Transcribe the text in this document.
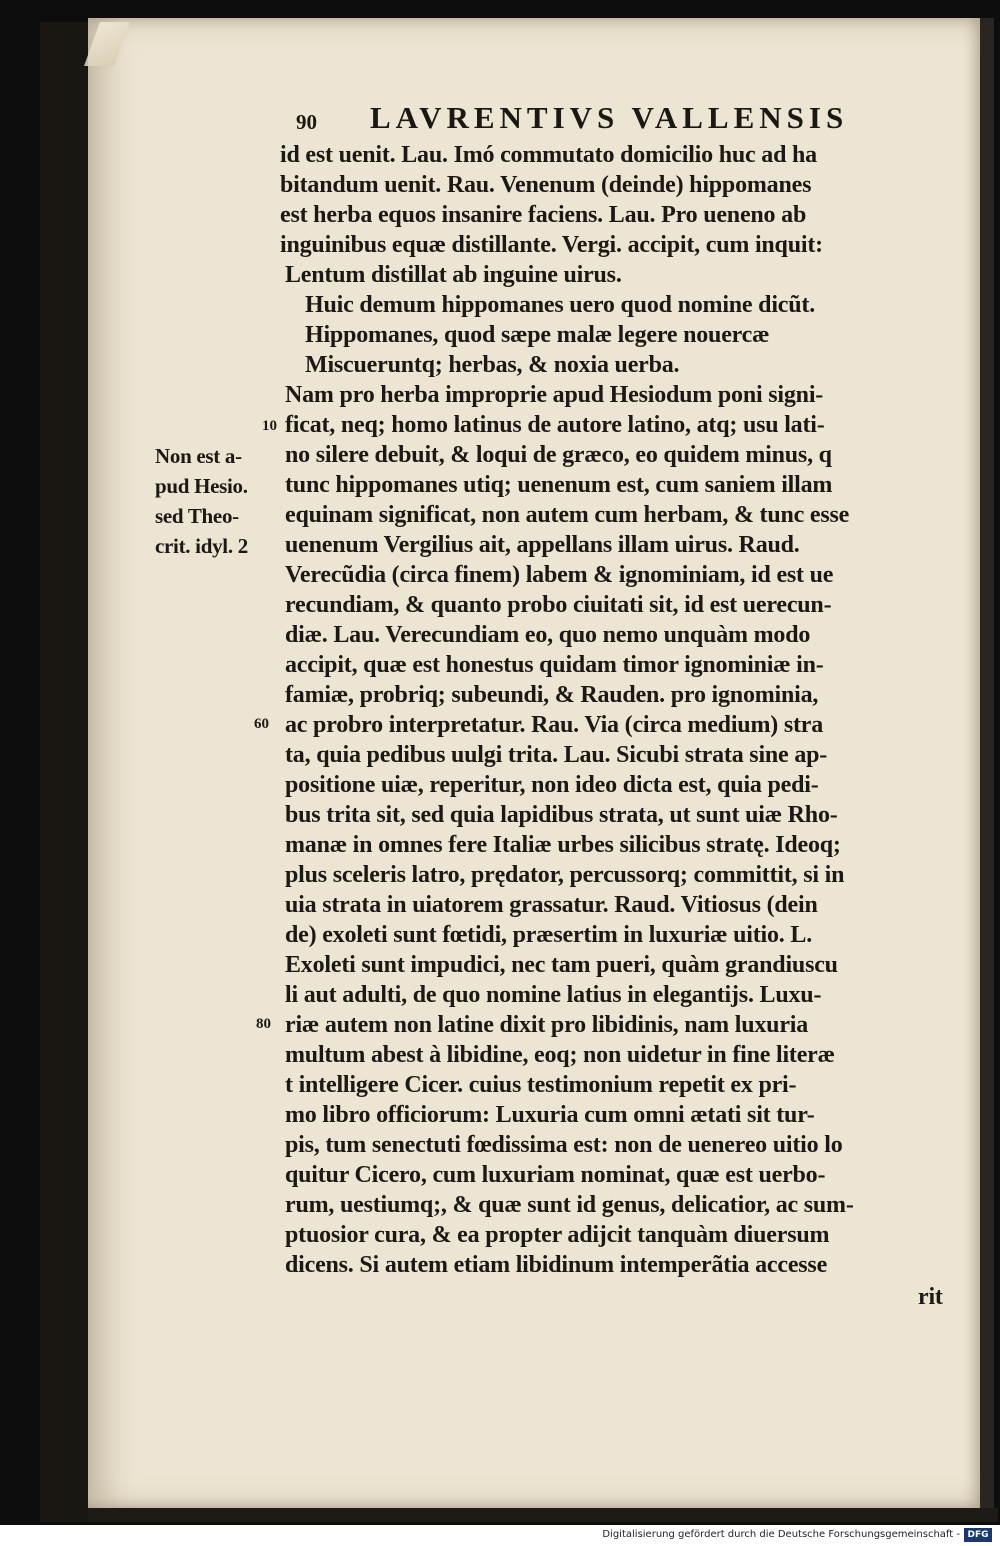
90 LAVRENTIVS VALLENSIS
id est uenit. Lau. Imó commutato domicilio huc ad ha
bitandum uenit. Rau. Venenum (deinde) hippomanes
est herba equos insanire faciens. Lau. Pro ueneno ab
inguinibus equæ distillante. Vergi. accipit, cum inquit:
Lentum distillat ab inguine uirus.
Huic demum hippomanes uero quod nomine dicũt.
Hippomanes, quod sæpe malæ legere nouercæ
Miscueruntq; herbas, & noxia uerba.
Nam pro herba improprie apud Hesiodum poni signi-
ficat, neq; homo latinus de autore latino, atq; usu lati-
no silere debuit, & loqui de græco, eo quidem minus, q
tunc hippomanes utiq; uenenum est, cum saniem illam
equinam significat, non autem cum herbam, & tunc esse
uenenum Vergilius ait, appellans illam uirus. Raud.
Verecũdia (circa finem) labem & ignominiam, id est ue
recundiam, & quanto probo ciuitati sit, id est uerecun-
diæ. Lau. Verecundiam eo, quo nemo unquàm modo
accipit, quæ est honestus quidam timor ignominiæ in-
famiæ, probriq; subeundi, & Rauden. pro ignominia,
ac probro interpretatur. Rau. Via (circa medium) stra
ta, quia pedibus uulgi trita. Lau. Sicubi strata sine ap-
positione uiæ, reperitur, non ideo dicta est, quia pedi-
bus trita sit, sed quia lapidibus strata, ut sunt uiæ Rho-
manæ in omnes fere Italiæ urbes silicibus stratę. Ideoq;
plus sceleris latro, prędator, percussorq; committit, si in
uia strata in uiatorem grassatur. Raud. Vitiosus (dein
de) exoleti sunt fœtidi, præsertim in luxuriæ uitio. L.
Exoleti sunt impudici, nec tam pueri, quàm grandiuscu
li aut adulti, de quo nomine latius in elegantijs. Luxu-
riæ autem non latine dixit pro libidinis, nam luxuria
multum abest à libidine, eoq; non uidetur in fine literæ
t intelligere Cicer. cuius testimonium repetit ex pri-
mo libro officiorum: Luxuria cum omni ætati sit tur-
pis, tum senectuti fœdissima est: non de uenereo uitio lo
quitur Cicero, cum luxuriam nominat, quæ est uerbo-
rum, uestiumq;, & quæ sunt id genus, delicatior, ac sum-
ptuosior cura, & ea propter adijcit tanquàm diuersum
dicens. Si autem etiam libidinum intemperãtia accesse
rit
10
60
80
Non est a-
pud Hesio.
sed Theo-
crit. idyl. 2
Digitalisierung gefördert durch die Deutsche Forschungsgemeinschaft - DFG
